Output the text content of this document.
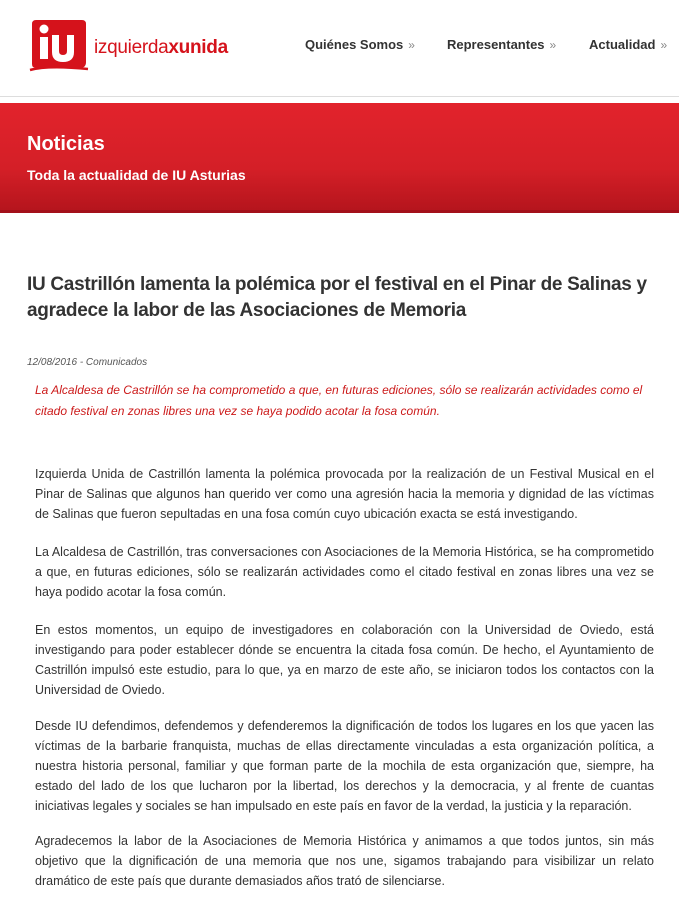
izquierdaxunida	Quiénes Somos » Representantes »	Actualidad »
Noticias
Toda la actualidad de IU Asturias
IU Castrillón lamenta la polémica por el festival en el Pinar de Salinas y agradece la labor de las Asociaciones de Memoria
12/08/2016 - Comunicados

La Alcaldesa de Castrillón se ha comprometido a que, en futuras ediciones, sólo se realizarán actividades como el citado festival en zonas libres una vez se haya podido acotar la fosa común.

Izquierda Unida de Castrillón lamenta la polémica provocada por la realización de un Festival Musical en el Pinar de Salinas que algunos han querido ver como una agresión hacia la memoria y dignidad de las víctimas de Salinas que fueron sepultadas en una fosa común cuyo ubicación exacta se está investigando.

La Alcaldesa de Castrillón, tras conversaciones con Asociaciones de la Memoria Histórica, se ha comprometido a que, en futuras ediciones, sólo se realizarán actividades como el citado festival en zonas libres una vez se haya podido acotar la fosa común.

En estos momentos, un equipo de investigadores en colaboración con la Universidad de Oviedo, está investigando para poder establecer dónde se encuentra la citada fosa común. De hecho, el Ayuntamiento de Castrillón impulsó este estudio, para lo que, ya en marzo de este año, se iniciaron todos los contactos con la Universidad de Oviedo.

Desde IU defendimos, defendemos y defenderemos la dignificación de todos los lugares en los que yacen las víctimas de la barbarie franquista, muchas de ellas directamente vinculadas a esta organización política, a nuestra historia personal, familiar y que forman parte de la mochila de esta organización que, siempre, ha estado del lado de los que lucharon por la libertad, los derechos y la democracia, y al frente de cuantas iniciativas legales y sociales se han impulsado en este país en favor de la verdad, la justicia y la reparación.

Agradecemos la labor de la Asociaciones de Memoria Histórica y animamos a que todos juntos, sin más objetivo que la dignificación de una memoria que nos une, sigamos trabajando para visibilizar un relato dramático de este país que durante demasiados años trató de silenciarse.
